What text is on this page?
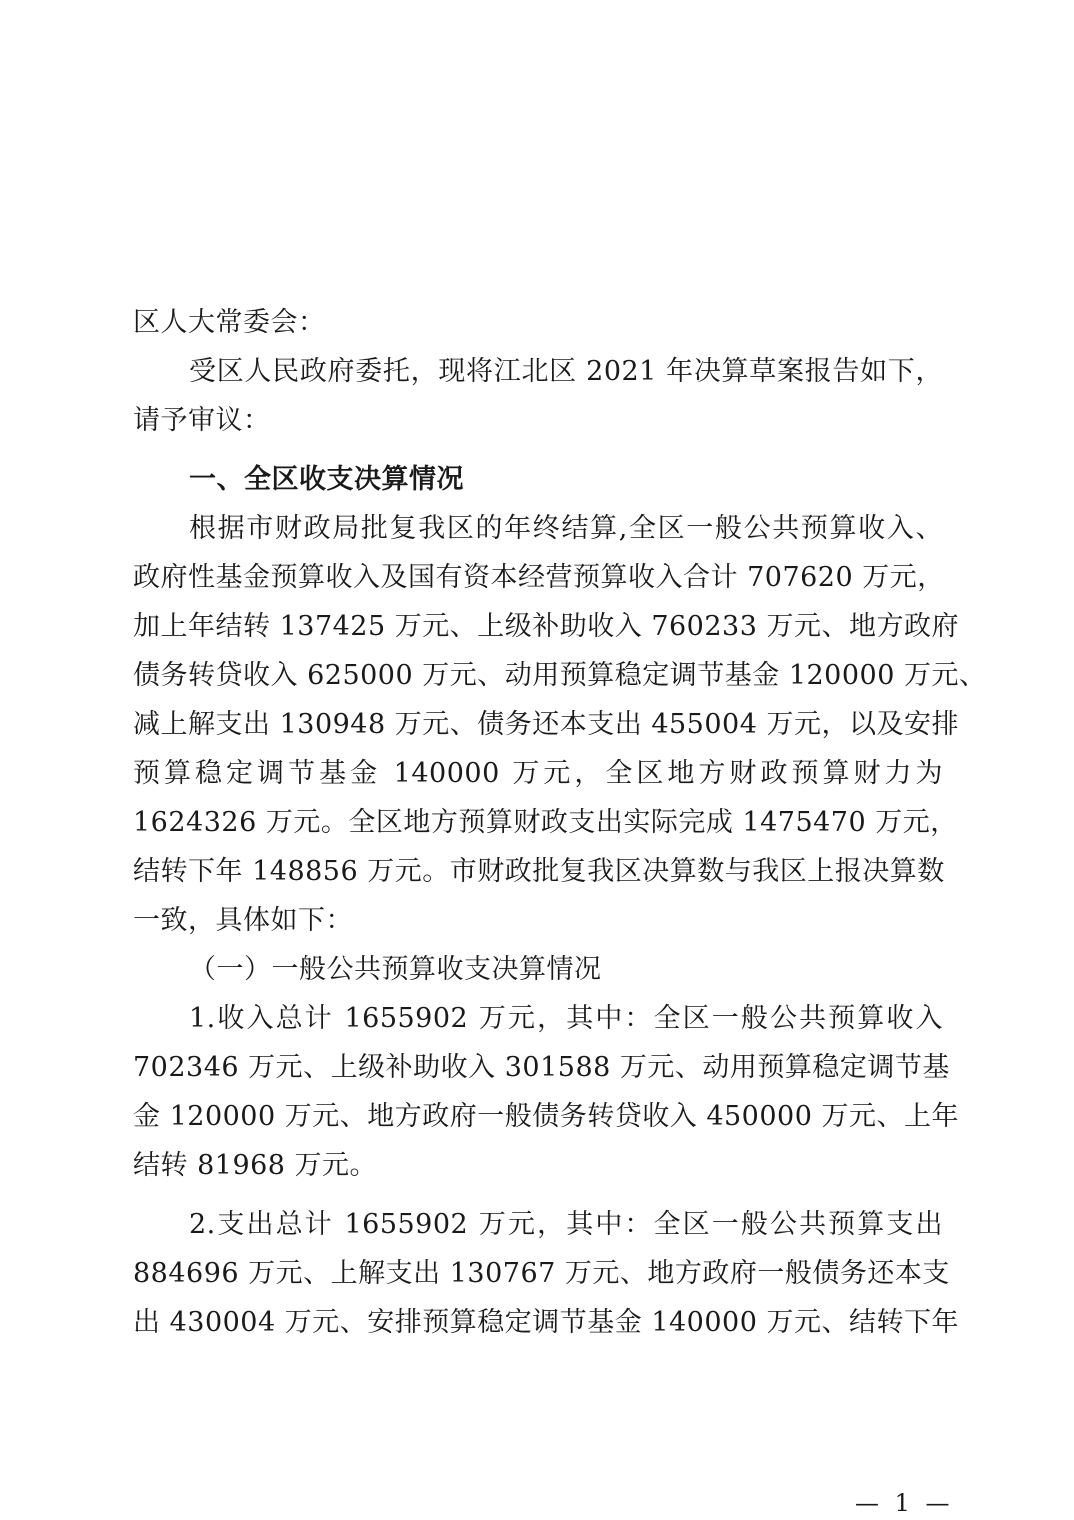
区人大常委会：
受区人民政府委托，现将江北区 2021 年决算草案报告如下，
请予审议：
一、全区收支决算情况
根据市财政局批复我区的年终结算,全区一般公共预算收入、
政府性基金预算收入及国有资本经营预算收入合计 707620 万元，
加上年结转 137425 万元、上级补助收入 760233 万元、地方政府
债务转贷收入 625000 万元、动用预算稳定调节基金 120000 万元、
减上解支出 130948 万元、债务还本支出 455004 万元，以及安排
预算稳定调节基金 140000 万元，全区地方财政预算财力为
1624326 万元。全区地方预算财政支出实际完成 1475470 万元，
结转下年 148856 万元。市财政批复我区决算数与我区上报决算数
一致，具体如下：
（一）一般公共预算收支决算情况
1.收入总计 1655902 万元，其中：全区一般公共预算收入
702346 万元、上级补助收入 301588 万元、动用预算稳定调节基
金 120000 万元、地方政府一般债务转贷收入 450000 万元、上年
结转 81968 万元。
2.支出总计 1655902 万元，其中：全区一般公共预算支出
884696 万元、上解支出 130767 万元、地方政府一般债务还本支
出 430004 万元、安排预算稳定调节基金 140000 万元、结转下年
— 1 —
